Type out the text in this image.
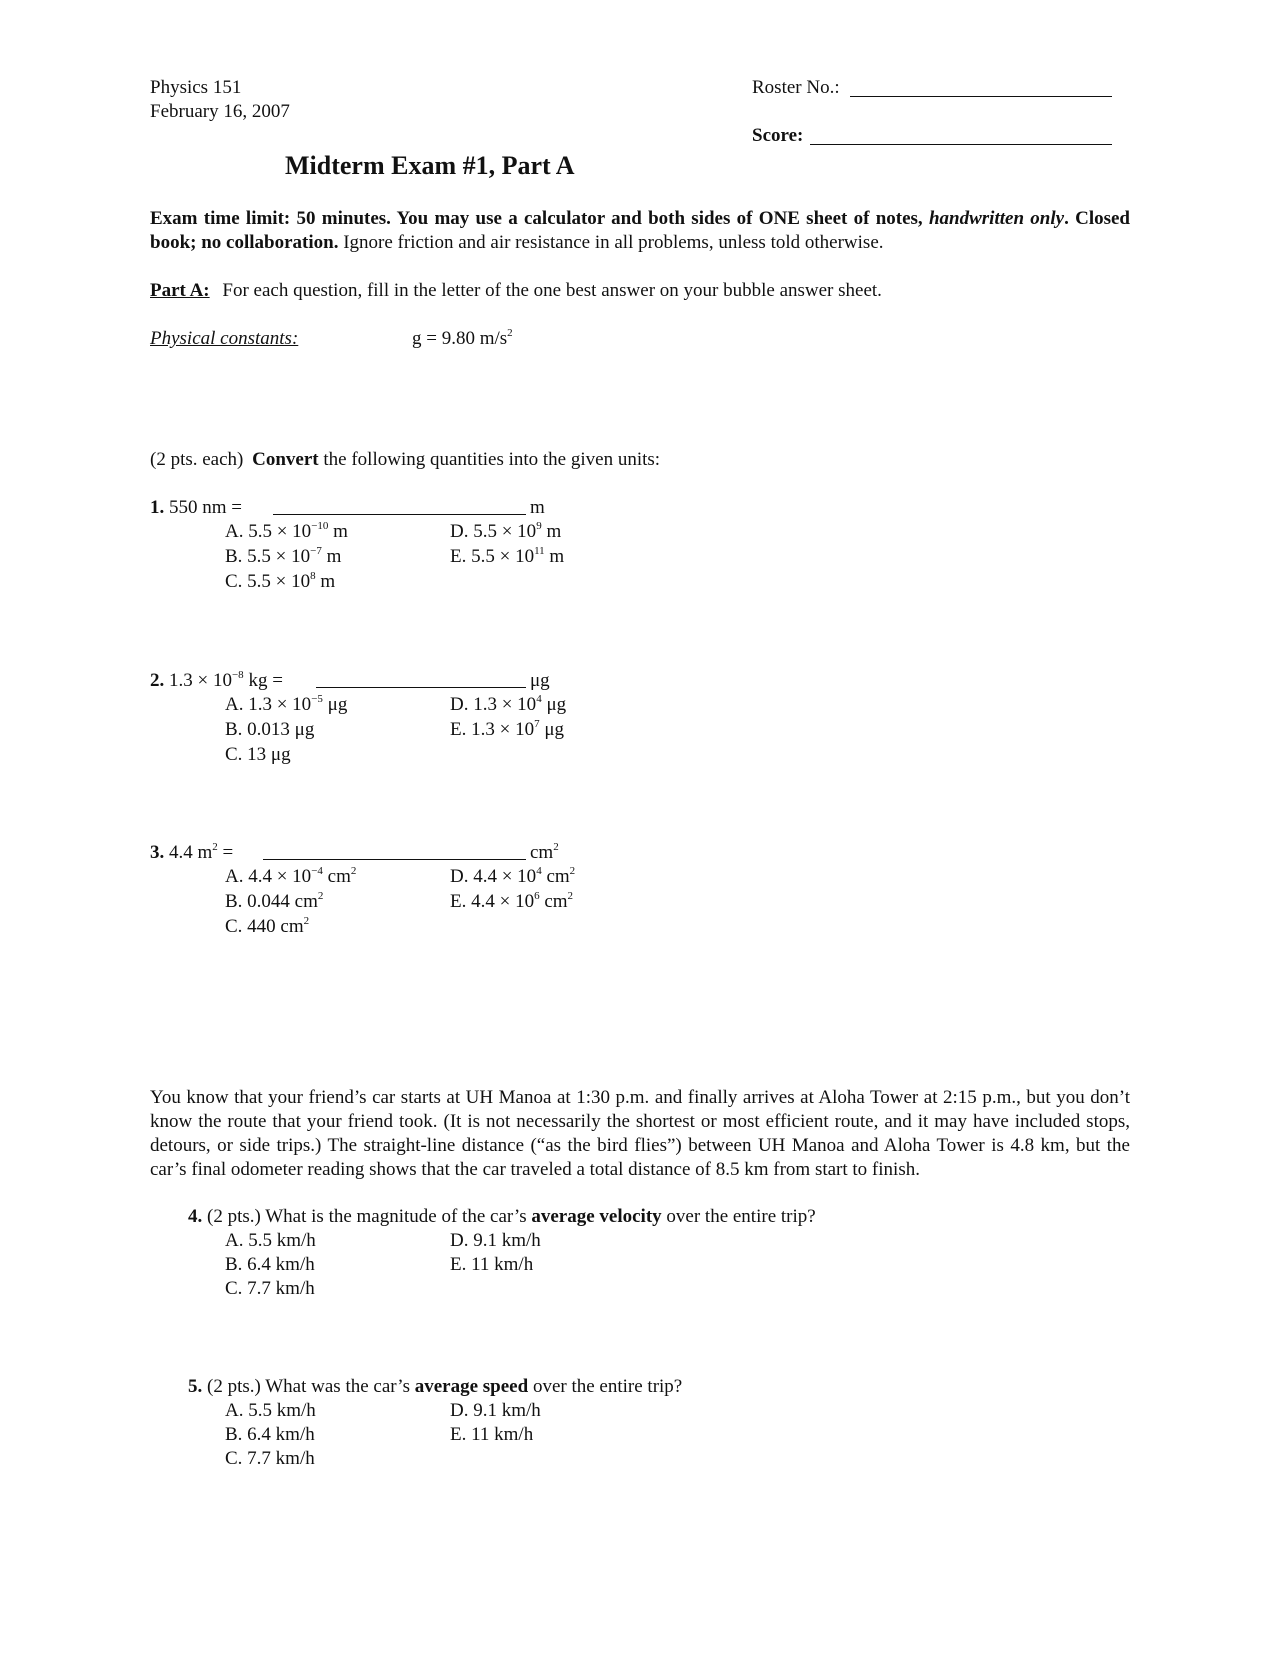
Physics 151
February 16, 2007
Roster No.:
Score:
Midterm Exam #1, Part A
Exam time limit: 50 minutes. You may use a calculator and both sides of ONE sheet of notes, handwritten only. Closed book; no collaboration. Ignore friction and air resistance in all problems, unless told otherwise.
Part A: For each question, fill in the letter of the one best answer on your bubble answer sheet.
Physical constants:	g = 9.80 $m/s^2$
(2 pts. each) Convert the following quantities into the given units:
1. 550 nm =	m
A. $5.5 \times 10^{-10}$ m
B. $5.5 \times 10^{-7}$ m
C. $5.5 \times 10^8$ m
D. $5.5 \times 10^9$ m
E. $5.5 \times 10^{11}$ m
2. $1.3 \times 10^{-8}$ kg =	μg
A. $1.3 \times 10^{-5}$ μg
B. 0.013 μg
C. 13 μg
D. $1.3 \times 10^4$ μg
E. $1.3 \times 10^7$ μg
3. 4.4 $m^2$ =	$cm^2$
A. $4.4 \times 10^{-4}$ $cm^2$
B. 0.044 $cm^2$
C. 440 $cm^2$
D. $4.4 \times 10^4$ $cm^2$
E. $4.4 \times 10^6$ $cm^2$
You know that your friend’s car starts at UH Manoa at 1:30 p.m. and finally arrives at Aloha Tower at 2:15 p.m., but you don’t know the route that your friend took. (It is not necessarily the shortest or most efficient route, and it may have included stops, detours, or side trips.) The straight-line distance (“as the bird flies”) between UH Manoa and Aloha Tower is 4.8 km, but the car’s final odometer reading shows that the car traveled a total distance of 8.5 km from start to finish.
4. (2 pts.) What is the magnitude of the car’s average velocity over the entire trip?
A. 5.5 km/h
B. 6.4 km/h
C. 7.7 km/h
D. 9.1 km/h
E. 11 km/h
5. (2 pts.) What was the car’s average speed over the entire trip?
A. 5.5 km/h
B. 6.4 km/h
C. 7.7 km/h
D. 9.1 km/h
E. 11 km/h
